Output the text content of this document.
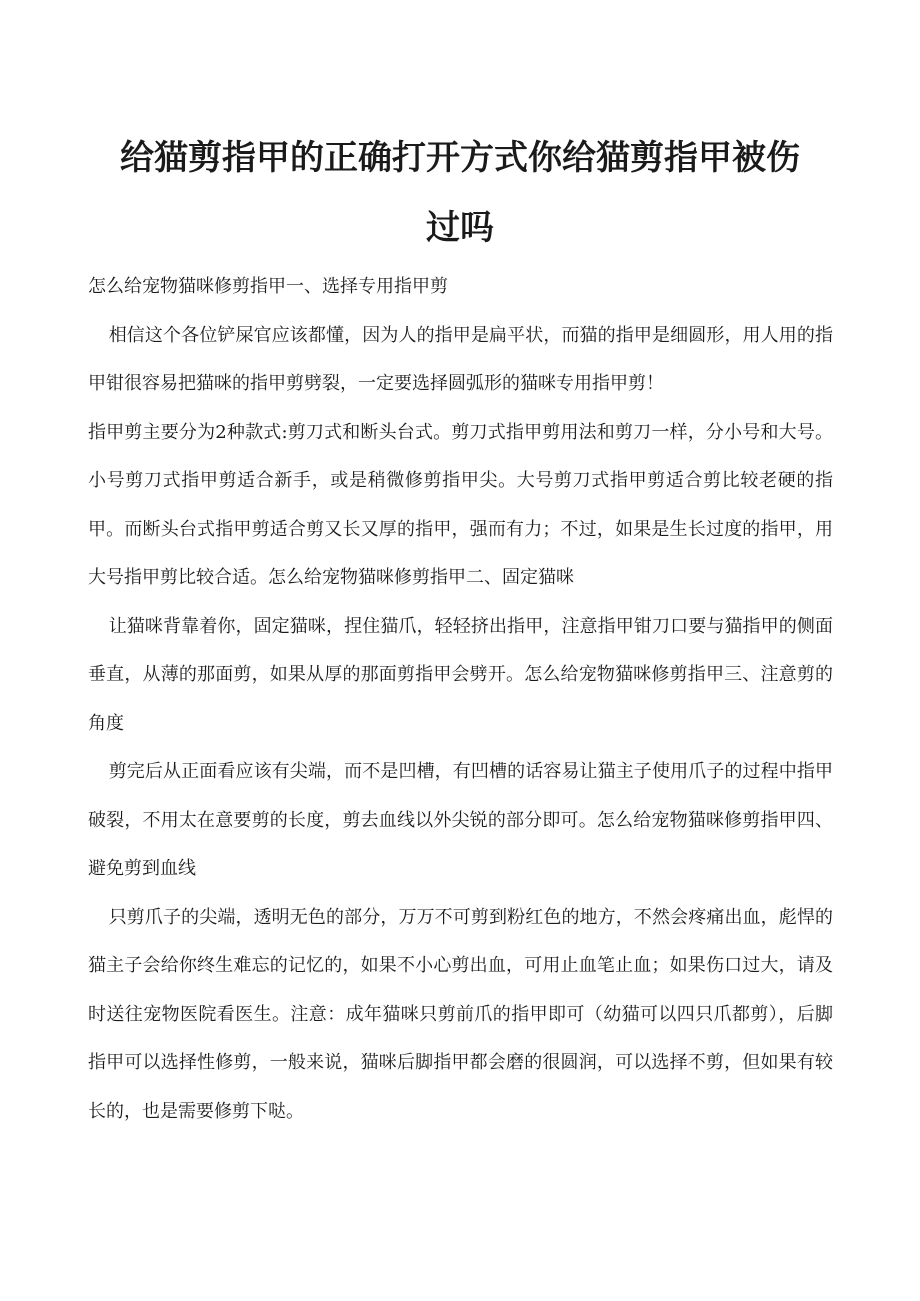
给猫剪指甲的正确打开方式你给猫剪指甲被伤
过吗

怎么给宠物猫咪修剪指甲一、选择专用指甲剪

相信这个各位铲屎官应该都懂，因为人的指甲是扁平状，而猫的指甲是细圆形，用人用的指甲钳很容易把猫咪的指甲剪劈裂，一定要选择圆弧形的猫咪专用指甲剪！

指甲剪主要分为2种款式:剪刀式和断头台式。剪刀式指甲剪用法和剪刀一样，分小号和大号。小号剪刀式指甲剪适合新手，或是稍微修剪指甲尖。大号剪刀式指甲剪适合剪比较老硬的指甲。而断头台式指甲剪适合剪又长又厚的指甲，强而有力；不过，如果是生长过度的指甲，用大号指甲剪比较合适。怎么给宠物猫咪修剪指甲二、固定猫咪

让猫咪背靠着你，固定猫咪，捏住猫爪，轻轻挤出指甲，注意指甲钳刀口要与猫指甲的侧面垂直，从薄的那面剪，如果从厚的那面剪指甲会劈开。怎么给宠物猫咪修剪指甲三、注意剪的角度

剪完后从正面看应该有尖端，而不是凹槽，有凹槽的话容易让猫主子使用爪子的过程中指甲破裂，不用太在意要剪的长度，剪去血线以外尖锐的部分即可。怎么给宠物猫咪修剪指甲四、避免剪到血线

只剪爪子的尖端，透明无色的部分，万万不可剪到粉红色的地方，不然会疼痛出血，彪悍的猫主子会给你终生难忘的记忆的，如果不小心剪出血，可用止血笔止血；如果伤口过大，请及时送往宠物医院看医生。注意：成年猫咪只剪前爪的指甲即可（幼猫可以四只爪都剪），后脚指甲可以选择性修剪，一般来说，猫咪后脚指甲都会磨的很圆润，可以选择不剪，但如果有较长的，也是需要修剪下哒。
